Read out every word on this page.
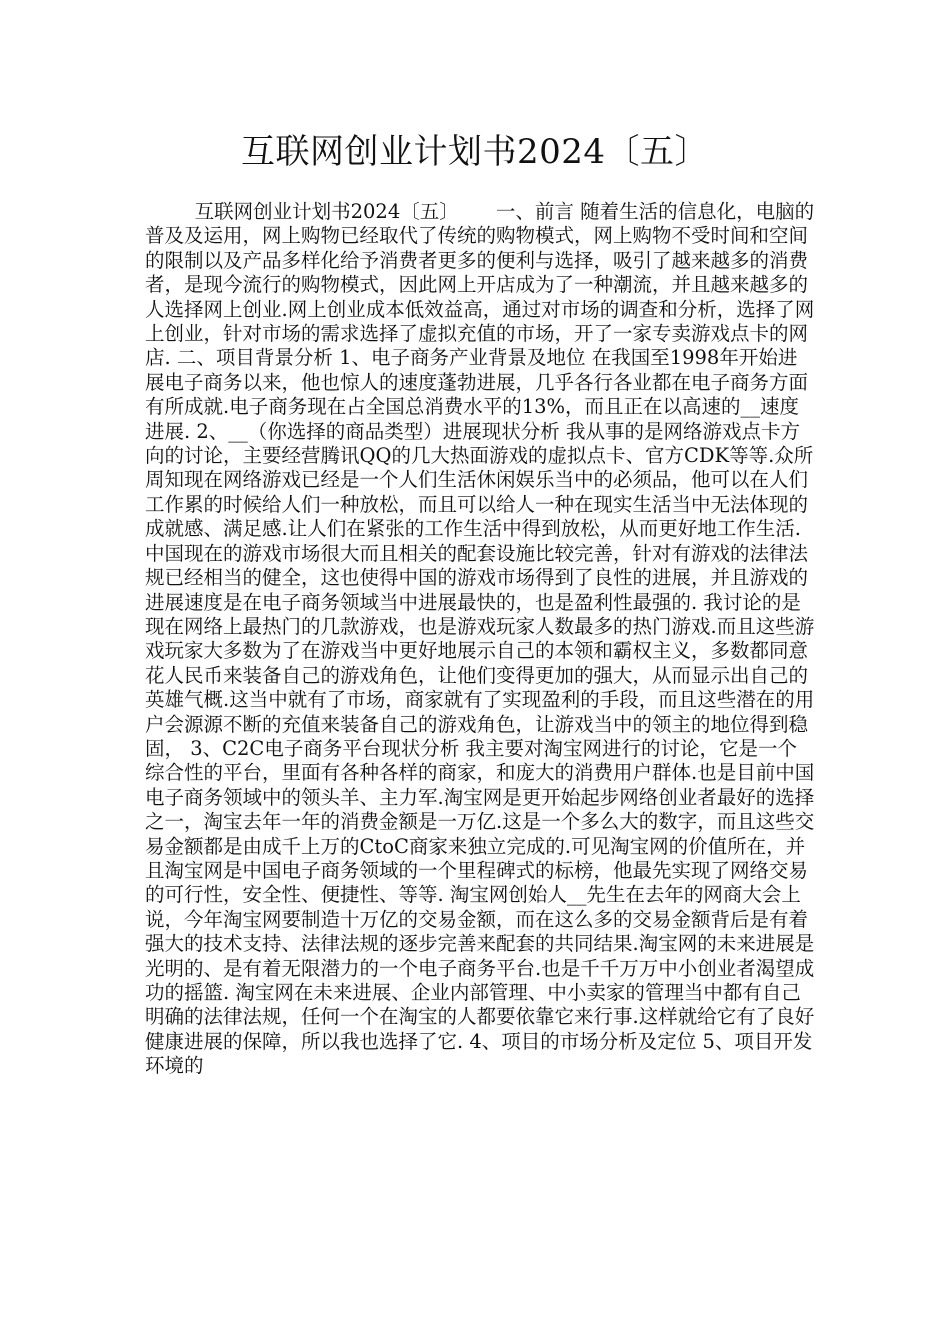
互联网创业计划书2024〔五〕

互联网创业计划书2024〔五〕      一、前言 随着生活的信息化，电脑的普及及运用，网上购物已经取代了传统的购物模式，网上购物不受时间和空间的限制以及产品多样化给予消费者更多的便利与选择，吸引了越来越多的消费者，是现今流行的购物模式，因此网上开店成为了一种潮流，并且越来越多的人选择网上创业.网上创业成本低效益高，通过对市场的调查和分析，选择了网上创业，针对市场的需求选择了虚拟充值的市场，开了一家专卖游戏点卡的网店. 二、项目背景分析 1、电子商务产业背景及地位 在我国至1998年开始进展电子商务以来，他也惊人的速度蓬勃进展，几乎各行各业都在电子商务方面有所成就.电子商务现在占全国总消费水平的13%，而且正在以高速的__速度进展. 2、__（你选择的商品类型）进展现状分析 我从事的是网络游戏点卡方向的讨论，主要经营腾讯QQ的几大热面游戏的虚拟点卡、官方CDK等等.众所周知现在网络游戏已经是一个人们生活休闲娱乐当中的必须品，他可以在人们工作累的时候给人们一种放松，而且可以给人一种在现实生活当中无法体现的成就感、满足感.让人们在紧张的工作生活中得到放松，从而更好地工作生活. 中国现在的游戏市场很大而且相关的配套设施比较完善，针对有游戏的法律法规已经相当的健全，这也使得中国的游戏市场得到了良性的进展，并且游戏的进展速度是在电子商务领域当中进展最快的，也是盈利性最强的. 我讨论的是现在网络上最热门的几款游戏，也是游戏玩家人数最多的热门游戏.而且这些游戏玩家大多数为了在游戏当中更好地展示自己的本领和霸权主义，多数都同意花人民币来装备自己的游戏角色，让他们变得更加的强大，从而显示出自己的英雄气概.这当中就有了市场，商家就有了实现盈利的手段，而且这些潜在的用户会源源不断的充值来装备自己的游戏角色，让游戏当中的领主的地位得到稳固， 3、C2C电子商务平台现状分析 我主要对淘宝网进行的讨论，它是一个综合性的平台，里面有各种各样的商家，和庞大的消费用户群体.也是目前中国电子商务领域中的领头羊、主力军.淘宝网是更开始起步网络创业者最好的选择之一，淘宝去年一年的消费金额是一万亿.这是一个多么大的数字，而且这些交易金额都是由成千上万的CtoC商家来独立完成的.可见淘宝网的价值所在，并且淘宝网是中国电子商务领域的一个里程碑式的标榜，他最先实现了网络交易的可行性，安全性、便捷性、等等. 淘宝网创始人__先生在去年的网商大会上说，今年淘宝网要制造十万亿的交易金额，而在这么多的交易金额背后是有着强大的技术支持、法律法规的逐步完善来配套的共同结果.淘宝网的未来进展是光明的、是有着无限潜力的一个电子商务平台.也是千千万万中小创业者渴望成功的摇篮. 淘宝网在未来进展、企业内部管理、中小卖家的管理当中都有自己明确的法律法规，任何一个在淘宝的人都要依靠它来行事.这样就给它有了良好健康进展的保障，所以我也选择了它. 4、项目的市场分析及定位 5、项目开发环境的
